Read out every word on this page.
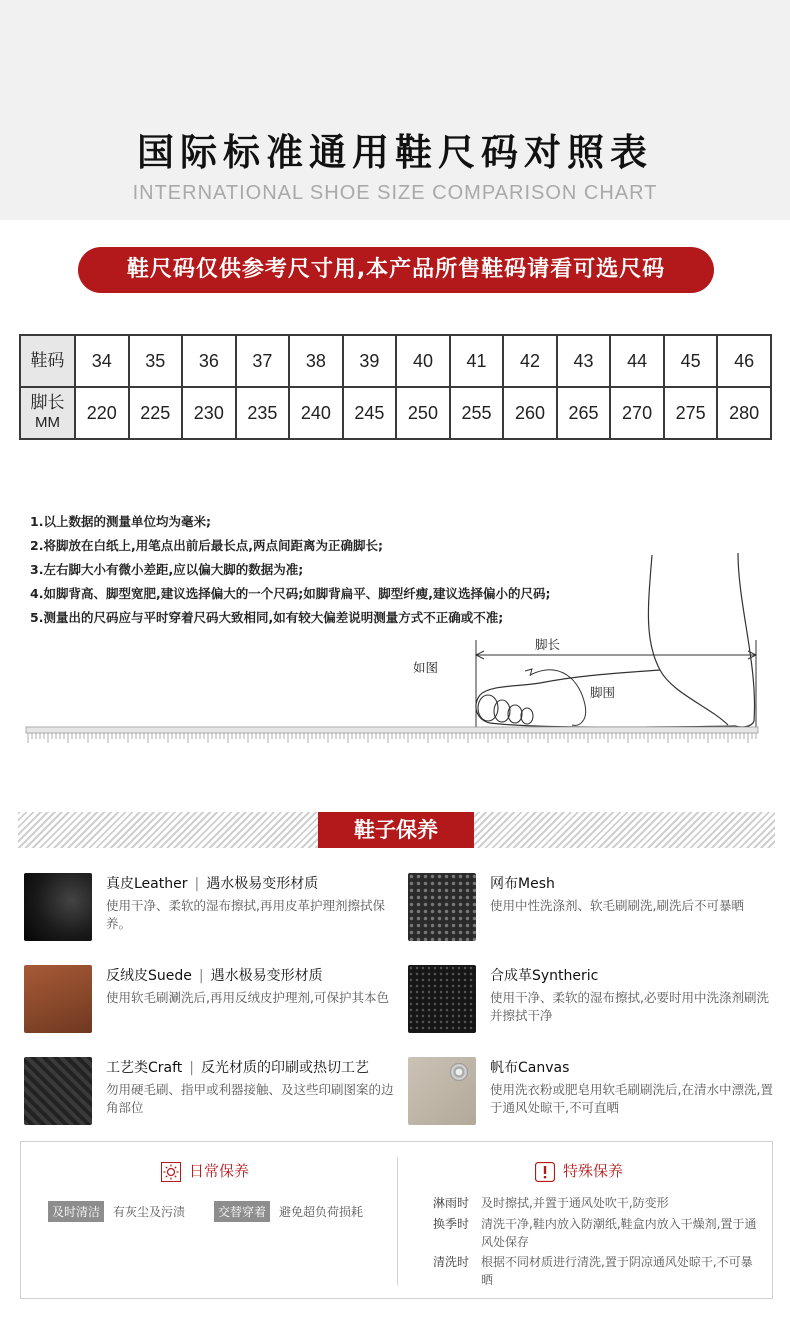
国际标准通用鞋尺码对照表
INTERNATIONAL SHOE SIZE COMPARISON CHART
鞋尺码仅供参考尺寸用,本产品所售鞋码请看可选尺码
鞋码	34	35	36	37	38	39	40	41	42	43	44	45	46

脚长
MM	220	225	230	235	240	245	250	255	260	265	270	275	280
如图
脚长
脚围
1.以上数据的测量单位均为毫米;
2.将脚放在白纸上,用笔点出前后最长点,两点间距离为正确脚长;
3.左右脚大小有微小差距,应以偏大脚的数据为准;
4.如脚背高、脚型宽肥,建议选择偏大的一个尺码;如脚背扁平、脚型纤瘦,建议选择偏小的尺码;
5.测量出的尺码应与平时穿着尺码大致相同,如有较大偏差说明测量方式不正确或不准;
鞋子保养
真皮Leather | 遇水极易变形材质
使用干净、柔软的湿布擦拭,再用皮革护理剂擦拭保养。
网布Mesh
使用中性洗涤剂、软毛刷刷洗,刷洗后不可暴晒
反绒皮Suede | 遇水极易变形材质
使用软毛刷涮洗后,再用反绒皮护理剂,可保护其本色
合成革Syntheric
使用干净、柔软的湿布擦拭,必要时用中洗涤剂刷洗并擦拭干净
工艺类Craft | 反光材质的印刷或热切工艺
勿用硬毛刷、指甲或利器接触、及这些印刷图案的边角部位
帆布Canvas
使用洗衣粉或肥皂用软毛刷刷洗后,在清水中漂洗,置于通风处晾干,不可直晒
日常保养
及时清洁	有灰尘及污渍	交替穿着	避免超负荷损耗
特殊保养
淋雨时 及时擦拭,并置于通风处吹干,防变形
换季时 清洗干净,鞋内放入防潮纸,鞋盒内放入干燥剂,置于通风处保存
清洗时 根据不同材质进行清洗,置于阴凉通风处晾干,不可暴晒
